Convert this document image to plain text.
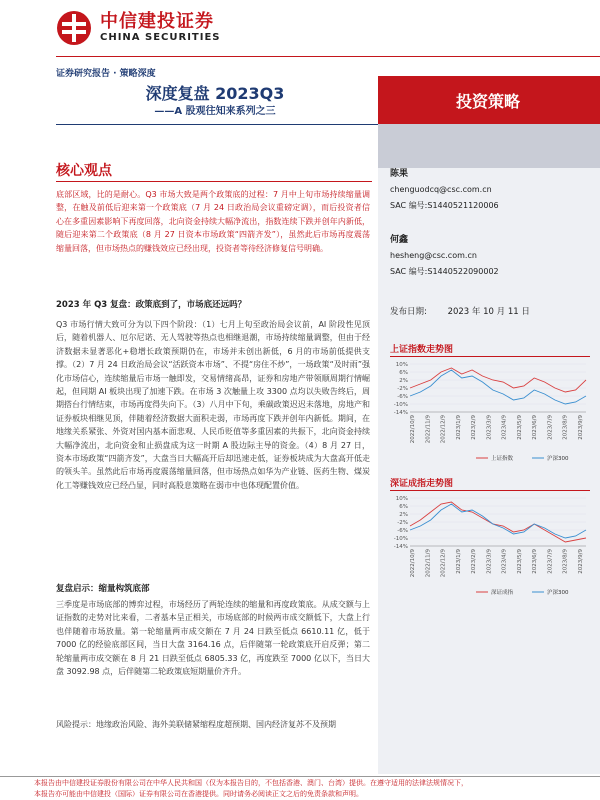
中信建投证券
CHINA SECURITIES
证券研究报告 · 策略深度
深度复盘 2023Q3
——A 股观往知来系列之三
投资策略
陈果
chenguodcq@csc.com.cn
SAC 编号:S1440521120006
何鑫
hesheng@csc.com.cn
SAC 编号:S1440522090002
发布日期: 2023 年 10 月 11 日
上证指数走势图
10%
6%
2%
-2%
-6%
-10%
-14%
2022/10/9 2022/11/9 2022/12/9 2023/1/9 2023/2/9 2023/3/9 2023/4/9 2023/5/9 2023/6/9 2023/7/9 2023/8/9 2023/9/9
上证指数	沪深300
深证成指走势图
10%
6%
2%
-2%
-6%
-10%
-14%
2022/10/9 2022/11/9 2022/12/9 2023/1/9 2023/2/9 2023/3/9 2023/4/9 2023/5/9 2023/6/9 2023/7/9 2023/8/9 2023/9/9
深证成指	沪深300
核心观点
底部区域，比的是耐心。Q3 市场大致是两个政策底的过程：7 月中上旬市场持续缩量调整，在触及前低后迎来第一个政策底（7 月 24 日政治局会议重磅定调），而后投资者信心在多重因素影响下再度回落，北向资金持续大幅净流出，指数连续下跌并创年内新低，随后迎来第二个政策底（8 月 27 日资本市场政策“四箭齐发”），虽然此后市场再度震荡缩量回落，但市场热点的赚钱效应已经出现，投资者等待经济修复信号明确。
2023 年 Q3 复盘：政策底到了，市场底还远吗？
Q3 市场行情大致可分为以下四个阶段：（1）七月上旬至政治局会议前，AI 阶段性见顶后，随着机器人、厄尔尼诺、无人驾驶等热点也相继退潮，市场持续缩量调整，但由于经济数据未显著恶化+稳增长政策预期仍在，市场并未创出新低，6 月的市场前低提供支撑。（2）7 月 24 日政治局会议“活跃资本市场”、不提“房住不炒”，一场政策“及时雨”强化市场信心，连续缩量后市场一触即发，交易情绪高昂，证券和房地产带领顺周期行情崛起，但同期 AI 板块出现了加速下跌。在市场 3 次触量上攻 3300 点均以失败告终后，周期搭台行情结束，市场再度得失向下。（3）八月中下旬，乘碳政策迟迟未落地，房地产和证券板块相继见顶，伴随着经济数据大面积走弱，市场再度下跌并创年内新低。期间，在地缘关系紧张、外资对国内基本面悲观、人民币贬值等多重因素的共振下，北向资金持续大幅净流出，北向资金和止损盘成为这一时期 A 股边际主导的资金。（4）8 月 27 日，资本市场政策“四箭齐发”，大盘当日大幅高开后却迅速走低，证券板块成为大盘高开低走的领头羊。虽然此后市场再度震荡缩量回落，但市场热点如华为产业链、医药生物、煤炭化工等赚钱效应已经凸显，同时高股息策略在弱市中也体现配置价值。
复盘启示：缩量构筑底部
三季度是市场底部的博弈过程，市场经历了两轮连续的缩量和再度政策底。从成交额与上证指数的走势对比来看，二者基本呈正相关，市场底部的时候两市成交额低下，大盘上行也伴随着市场放量。第一轮缩量两市成交额在 7 月 24 日跌至低点 6610.11 亿，低于 7000 亿的经验底部区间，当日大盘 3164.16 点，后伴随第一轮政策底开启反弹；第二轮缩量两市成交额在 8 月 21 日跌至低点 6805.33 亿，再度跌至 7000 亿以下，当日大盘 3092.98 点，后伴随第二轮政策底短期量价齐升。
风险提示：地缘政治风险、海外美联储紧缩程度超预期、国内经济复苏不及预期
本报告由中信建投证券股份有限公司在中华人民共和国（仅为本报告目的，不包括香港、澳门、台湾）提供。在遵守适用的法律法规情况下，
本报告亦可能由中信建投（国际）证券有限公司在香港提供。同时请务必阅读正文之后的免责条款和声明。
